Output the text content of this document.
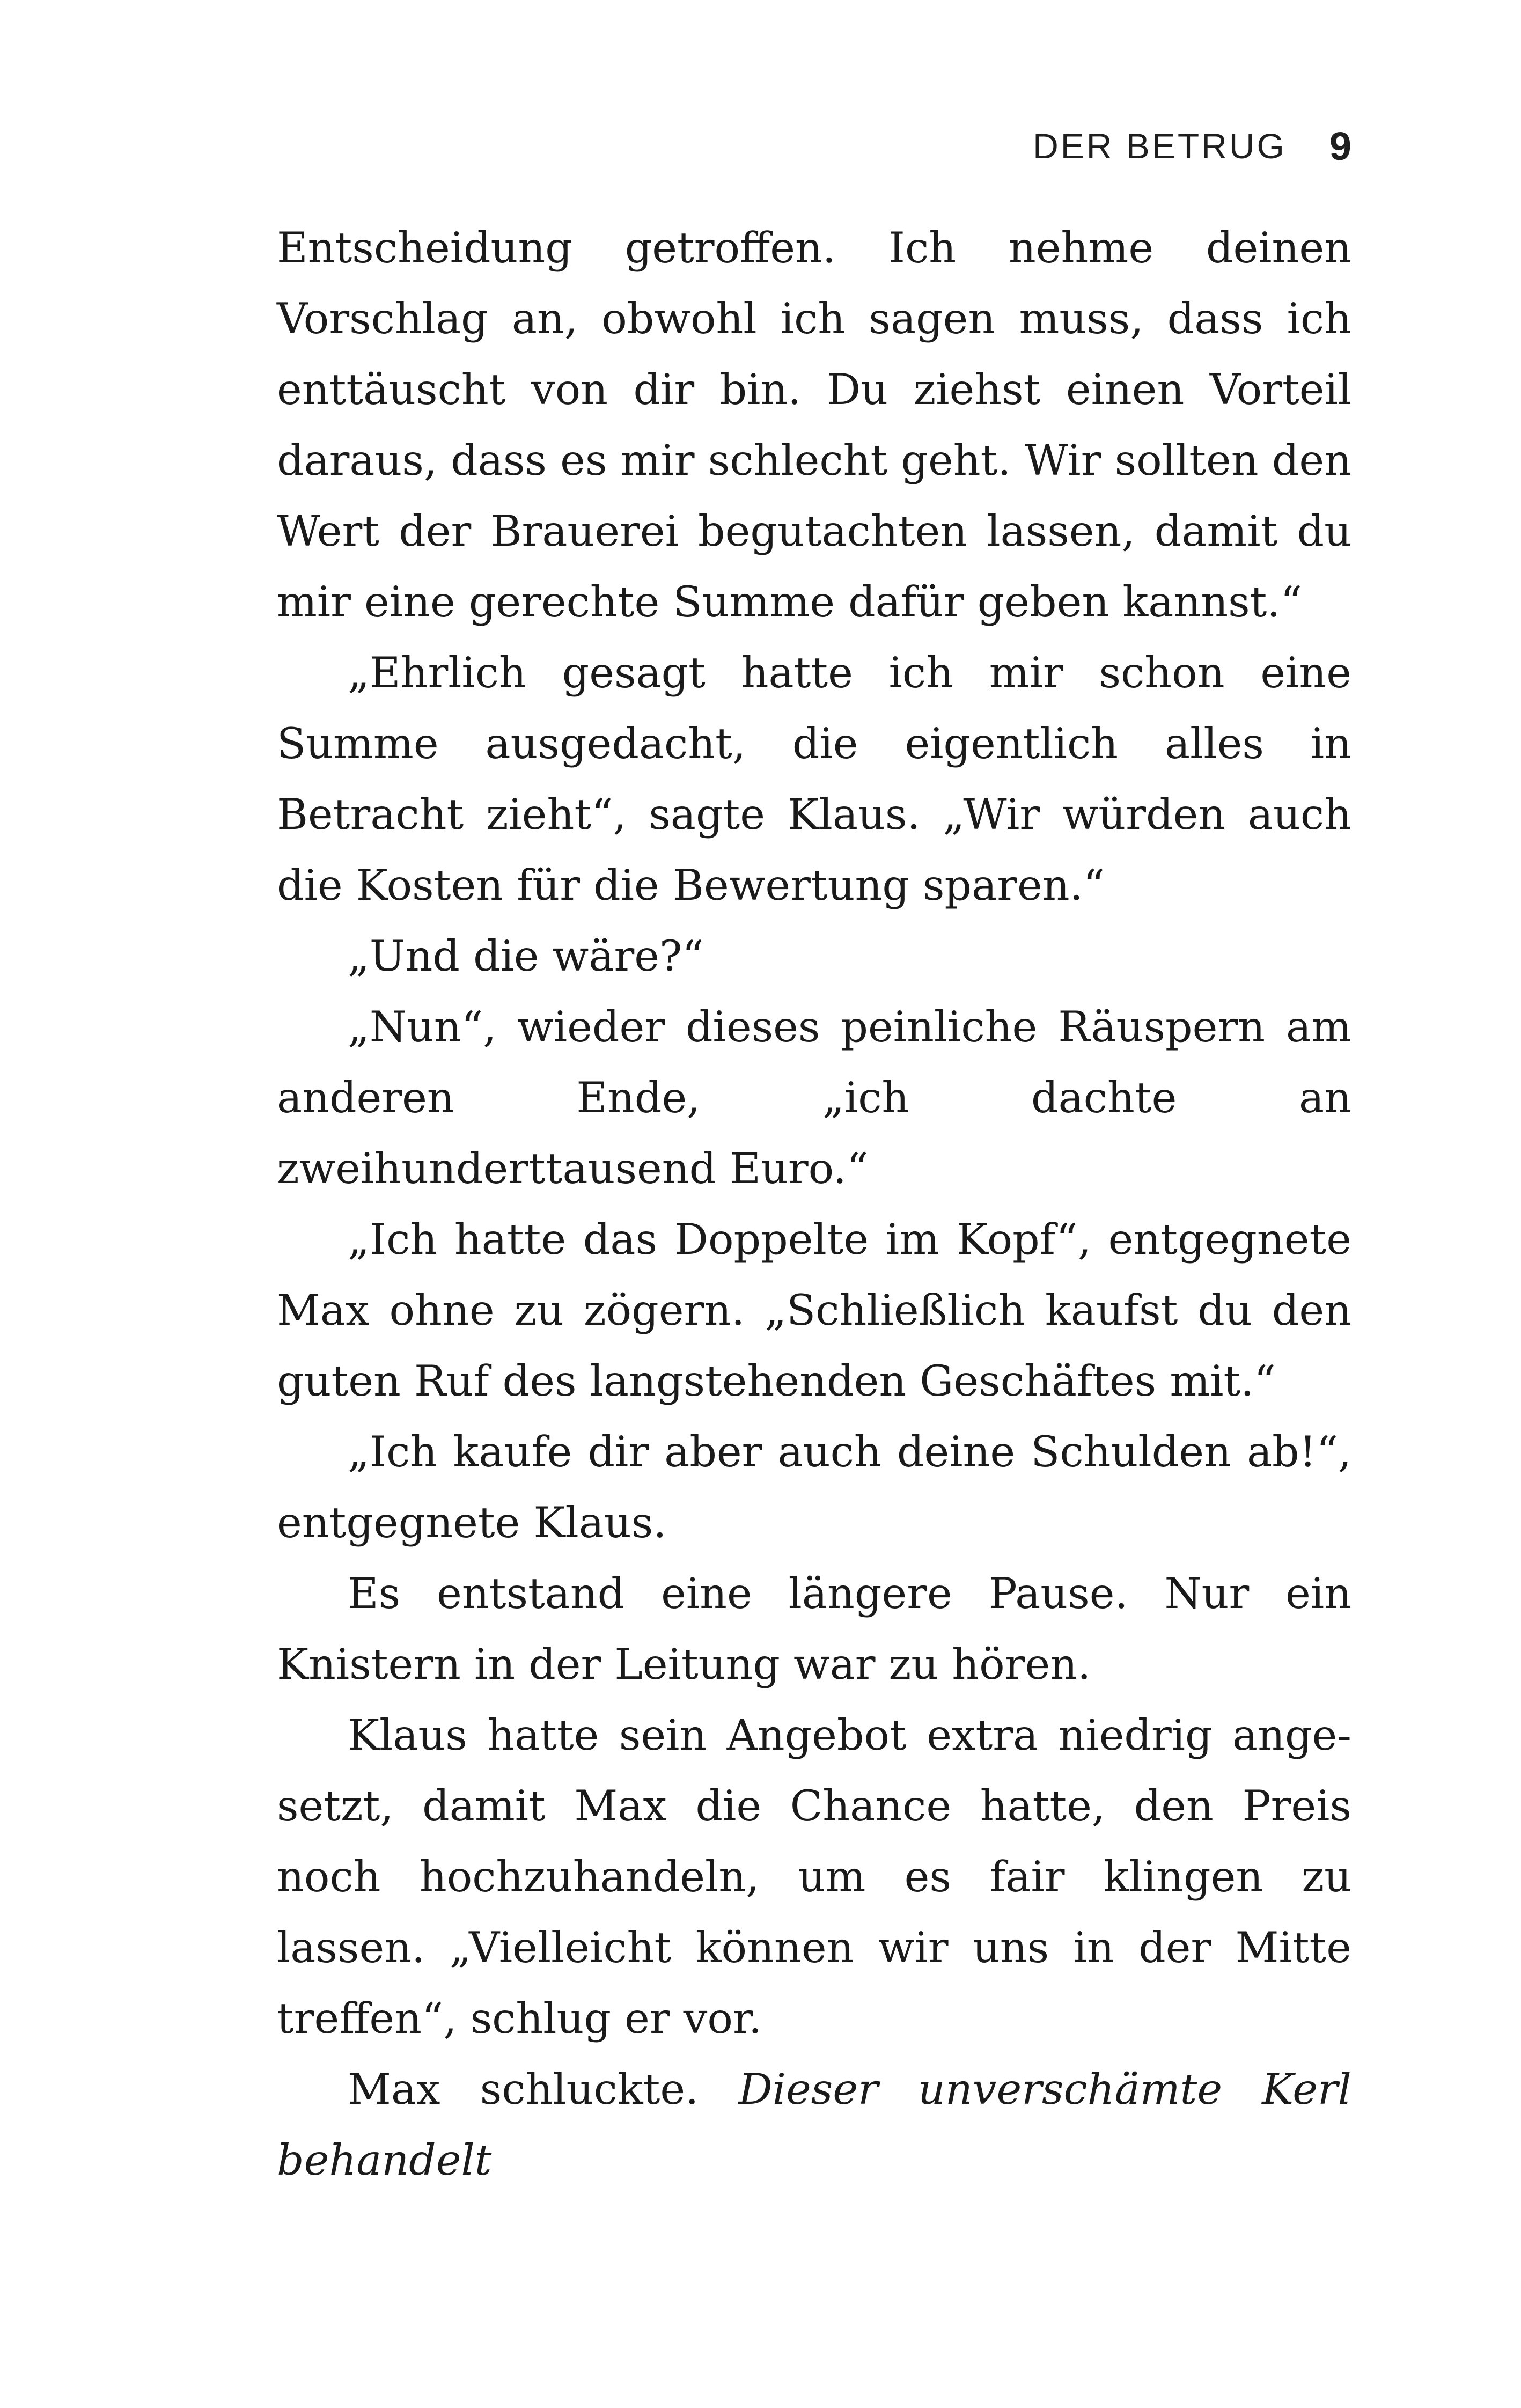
DER BETRUG 9

Entscheidung getroffen. Ich nehme deinen Vorschlag an, obwohl ich sagen muss, dass ich enttäuscht von dir bin. Du ziehst einen Vorteil daraus, dass es mir schlecht geht. Wir sollten den Wert der Brauerei begutachten lassen, damit du mir eine gerechte Summe dafür geben kannst.“

„Ehrlich gesagt hatte ich mir schon eine Summe ausgedacht, die eigentlich alles in Betracht zieht“, sagte Klaus. „Wir würden auch die Kosten für die Bewertung sparen.“

„Und die wäre?“

„Nun“, wieder dieses peinliche Räuspern am anderen Ende, „ich dachte an zweihunderttausend Euro.“

„Ich hatte das Doppelte im Kopf“, entgegnete Max ohne zu zögern. „Schließlich kaufst du den guten Ruf des langstehenden Geschäftes mit.“

„Ich kaufe dir aber auch deine Schulden ab!“, entgegnete Klaus.

Es entstand eine längere Pause. Nur ein Knistern in der Leitung war zu hören.

Klaus hatte sein Angebot extra niedrig angesetzt, damit Max die Chance hatte, den Preis noch hochzuhandeln, um es fair klingen zu lassen. „Vielleicht können wir uns in der Mitte treffen“, schlug er vor.

Max schluckte. Dieser unverschämte Kerl behandelt
